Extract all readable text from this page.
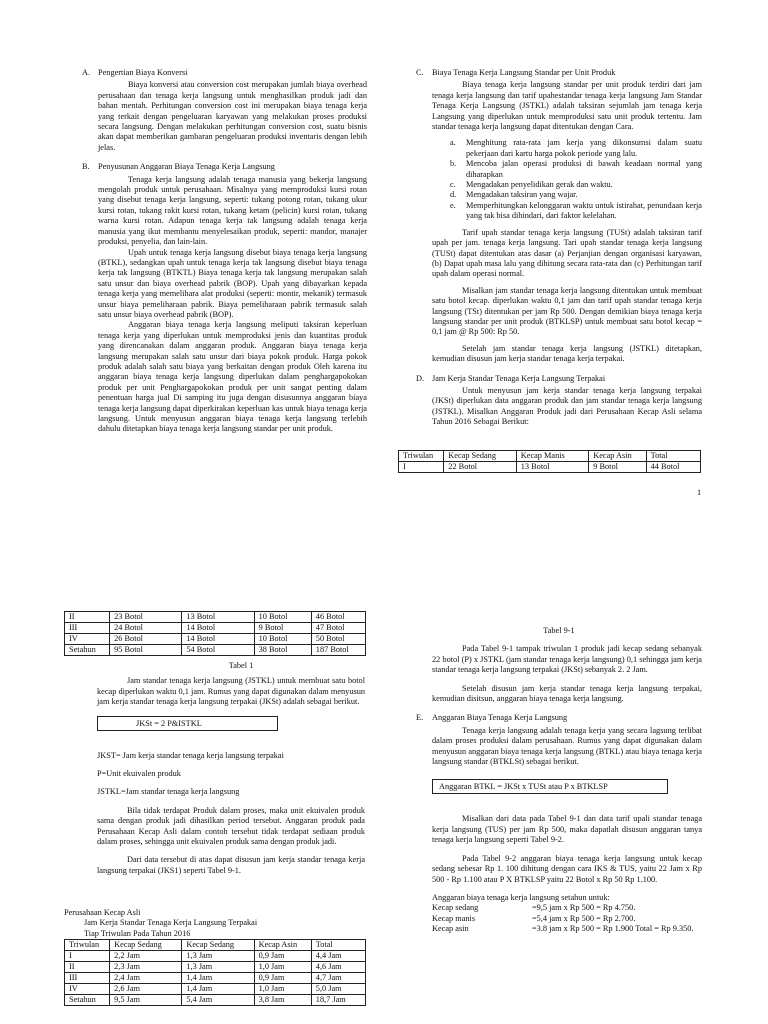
A. Pengertian Biaya Konversi

Biaya konversi atau conversion cost merupakan jumlah biaya overhead perusahaan dan tenaga kerja langsung untuk menghasilkan produk jadi dan bahan mentah. Perhitungan conversion cost ini merupakan biaya tenaga kerja yang terkait dengan pengeluaran karyawan yang melakukan proses produksi secara langsung. Dengan melakukan perhitungan conversion cost, suatu bisnis akan dapat memberikan gambaran pengeluaran produksi inventaris dengan lebih jelas.

B.	Penyusunan Anggaran Biaya Tenaga Kerja Langsung

Tenaga kerja langsung adalah tenaga manusia yang bekerja langsung mengolah produk untuk perusahaan. Misalnya yang memproduksi kursi rotan yang disebut tenaga kerja langsung, seperti: tukang potong rotan, tukang ukur kursi rotan, tukang rakit kursi rotan, tukang ketam (pelicin) kursi rotan, tukang warna kursi rotan. Adapun tenaga kerja tak langsung adalah tenaga kerja manusia yang ikut membantu menyelesaikan produk, seperti: mandor, manajer produksi, penyelia, dan lain-lain.

Upah untuk tenaga kerja langsung disebut biaya tenaga kerja langsung (BTKL), sedangkan upah untuk tenaga kerja tak langsung disebut biaya tenaga kerja tak langsung (BTKTL) Biaya tenaga kerja tak langsung merupakan salah satu unsur dan biaya overhead pabrik (BOP). Upah yang dibayarkan kepada tenaga kerja yang memelihara alat produksi (seperti: montir, mekanik) termasuk unsur biaya pemeliharaan pabrik. Biaya pemeliharaan pabrik termasuk salah satu unsur biaya overhead pabrik (BOP).

Anggaran biaya tenaga kerja langsung meliputi taksiran keperluan tenaga kerja yang diperlukan untuk memproduksi jenis dan kuantitas produk yang direncanakan dalam anggaran produk. Anggaran biaya tenaga kerja langsung merupakan salah satu unsur dari biaya pokok produk. Harga pokok produk adalah salah satu biaya yang berkaitan dengan produk Oleh karena itu anggaran biaya tenaga kerja langsung diperlukan dalam penghargapokokan produk per unit Penghargapokokan produk per unit sangat penting dalam penentuan harga jual Di samping itu juga dengan disusunnya anggaran biaya tenaga kerja langsung dapat diperkirakan keperluan kas untuk biaya tenaga kerja langsung. Untuk menyusun anggaran biaya tenaga kerja langsung terlebih dahulu ditetapkan biaya tenaga kerja langsung standar per unit produk.

C.	Biaya Tenaga Kerja Langsung Standar per Unit Produk

Biaya tenaga kerja langsung standar per unit produk terdiri dari jam tenaga kerja langsung dan tarif upahestandar tenaga kerja langsung Jam Standar Tenaga Kerja Langsung (JSTKL) adalah taksiran sejumlah jam tenaga kerja Langsung yang diperlukan untuk memproduksi satu unit produk tertentu. Jam standar tenaga kerja langsung dapat ditentukan dengan Cara.

a.	Menghitung rata-rata jam kerja yang dikonsumsi dalam suatu pekerjaan dari kartu harga pokok periode yang lalu.
b.	Mencoba jalan operasi produksi di bawah keadaan normal yang diharapkan
c.	Mengadakan penyelidikan gerak dan waktu.
d.	Mengadakan taksiran yang wajar.
e.	Memperhitungkan kelonggaran waktu untuk istirahat, penundaan kerja yang tak bisa dihindari, dari faktor kelelahan.

Tarif upah standar tenaga kerja langsung (TUSt) adalah taksiran tarif upah per jam. tenaga kerja langsung. Tari upah standar tenaga kerja langsung (TUSt) dapat ditentukan atas dasar (a) Perjanjian dengan organisasi karyawan, (b) Dapat upah masa lalu yang dihitung secara rata-rata dan (c) Perhitungan tarif upah dalam operasi normal.

Misalkan jam standar tenaga kerja langsung ditentukan untuk membuat satu botol kecap. diperlukan waktu 0,1 jam dan tarif upah standar tenaga kerja langsung (TSt) ditentukan per jam Rp 500. Dengan demikian biaya tenaga kerja langsung standar per unit produk (BTKLSP) untuk membuat satu botol kecap = 0,1 jam @ Rp 500: Rp 50.

Setelah jam standar tenaga kerja langsung (JSTKL) ditetapkan, kemudian disusun jam kerja standar tenaga kerja terpakai.

D. Jam Kerja Standar Tenaga Kerja Langsung Terpakai

Untuk menyusun jam kerja standar tenaga kerja langsung terpakai (JKSt) diperlukan data anggaran produk dan jam standar tenaga kerja langsung (JSTKL). Misalkan Anggaran Produk jadi dari Perusahaan Kecap Asli selama Tahun 2016 Sebagai Berikut:

Triwulan	Kecap Sedang	Kecap Manis	Kecap Asin	Total
I	22 Botol	13 Botol	9 Botol	44 Botol
1
II	23 Botol	13 Botol	10 Botol	46 Botol
III	24 Botol	14 Botol	9 Botol	47 Botol
IV	26 Botol	14 Botol	10 Botol	50 Botol
Setahun	95 Botol	54 Botol	38 Botol	187 Botol
Tabel 1

Jam standar tenaga kerja langsung (JSTKL) untuk membuat satu botol kecap diperlukan waktu 0,1 jam. Rumus yang dapat digunakan dalam menyusun jam kerja standar tenaga kerja langsung terpakai (JKSt) adalah sebagai berikut.

JKSt = 2 P&ISTKL

JKST= Jam kerja standar tenaga kerja langsung terpakai

P=Unit ekuivalen produk

JSTKL=Jam standar tenaga kerja langsung

Bila tidak terdapat Produk dalam proses, maka unit ekuivalen produk sama dengan produk jadi dihasilkan period tersebut. Anggaran produk pada Perusahaan Kecap Asli dalam contoh tersebut tidak terdapat sediaan produk dalam proses, sehingga unit ekuivalen produk sama dengan produk jadi.

Dari data tersebut di atas dapat disusun jam kerja standar tenaga kerja langsung terpakai (JKS1) seperti Tabel 9-1.

Perusahaan Kecap Asli
Jam Kerja Standar Tenaga Kerja Langsung Terpakai
Tiap Triwulan Pada Tahun 2016
Triwulan	Kecap Sedang	Kecap Sedang	Kecap Asin	Total
I	2,2 Jam	1,3 Jam	0,9 Jam	4,4 Jam
II	2,3 Jam	1,3 Jam	1,0 Jam	4,6 Jam
III	2,4 Jam	1,4 Jam	0,9 Jam	4,7 Jam
IV	2,6 Jam	1,4 Jam	1,0 Jam	5,0 Jam
Setahun	9,5 Jam	5,4 Jam	3,8 Jam	18,7 Jam
Tabel 9-1

Pada Tabel 9-1 tampak triwulan 1 produk jadi kecap sedang sebanyak 22 botol (P) x JSTKL (jam standar tenaga kerja langsung) 0,1 sehingga jam kerja standar tenaga kerja langsung terpakai (JKSt) sebanyak 2. 2 Jam.

Setelah disusun jam kerja standar tenaga kerja langsung terpakai, kemudian disitsun, anggaran biaya tenaga kerja langsung.

E.	Anggaran Biaya Tenaga Kerja Langsung

Tenaga kerja langsung adalah tenaga kerja yang secara lagsung terlibat dalam proses produksi dalam perusahaan. Rumus yang dapat digunakan dalam menyusun anggaran biaya tenaga kerja langsung (BTKL) atau biaya tenaga kerja langsung standar (BTKLSt) sebagai berikut.

Anggaran BTKL = JKSt x TUSt atau P x BTKLSP

Misalkan dari data pada Tabel 9-1 dan data tarif upali standar tenaga kerja langsung (TUS) per jam Rp 500, maka dapatlah disusun anggaran tanya tenaga kerja langsung seperti Tabel 9-2.

Pada Tabel 9-2 anggaran biaya tenaga kerja langsung untuk kecap sedang sebesar Rp 1. 100 dihitung dengan cara IKS & TUS, yaitu 22 Jam x Rp 500 - Rp 1.100 atau P X BTKLSP yaitu 22 Botol x Rp 50 Rp 1.100.

Anggaran biaya tenaga kerja langsung setahun untuk:

Kecap sedang	=9,5 jam x Rp 500 = Rp 4.750.
Kecap manis	=5,4 jam x Rp 500 = Rp 2.700.
Kecap asin	=3.8 jam x Rp 500 = Rp 1.900 Total = Rp 9.350.
